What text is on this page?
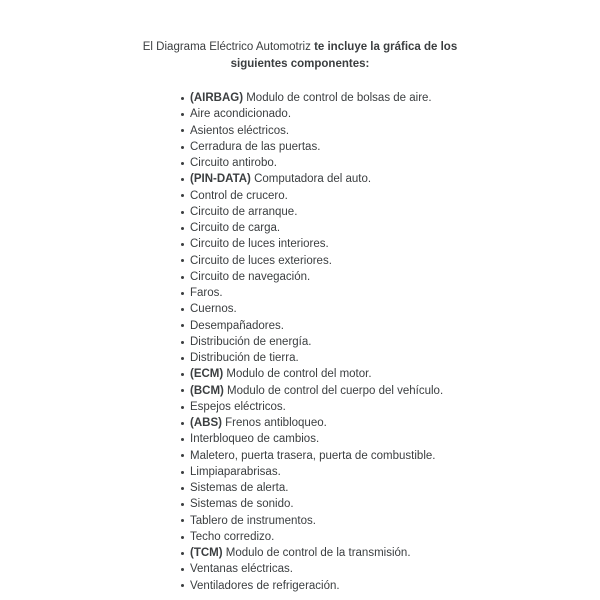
El Diagrama Eléctrico Automotriz te incluye la gráfica de los siguientes componentes:
(AIRBAG) Modulo de control de bolsas de aire.
Aire acondicionado.
Asientos eléctricos.
Cerradura de las puertas.
Circuito antirobo.
(PIN-DATA) Computadora del auto.
Control de crucero.
Circuito de arranque.
Circuito de carga.
Circuito de luces interiores.
Circuito de luces exteriores.
Circuito de navegación.
Faros.
Cuernos.
Desempañadores.
Distribución de energía.
Distribución de tierra.
(ECM) Modulo de control del motor.
(BCM) Modulo de control del cuerpo del vehículo.
Espejos eléctricos.
(ABS) Frenos antibloqueo.
Interbloqueo de cambios.
Maletero, puerta trasera, puerta de combustible.
Limpiaparabrisas.
Sistemas de alerta.
Sistemas de sonido.
Tablero de instrumentos.
Techo corredizo.
(TCM) Modulo de control de la transmisión.
Ventanas eléctricas.
Ventiladores de refrigeración.
